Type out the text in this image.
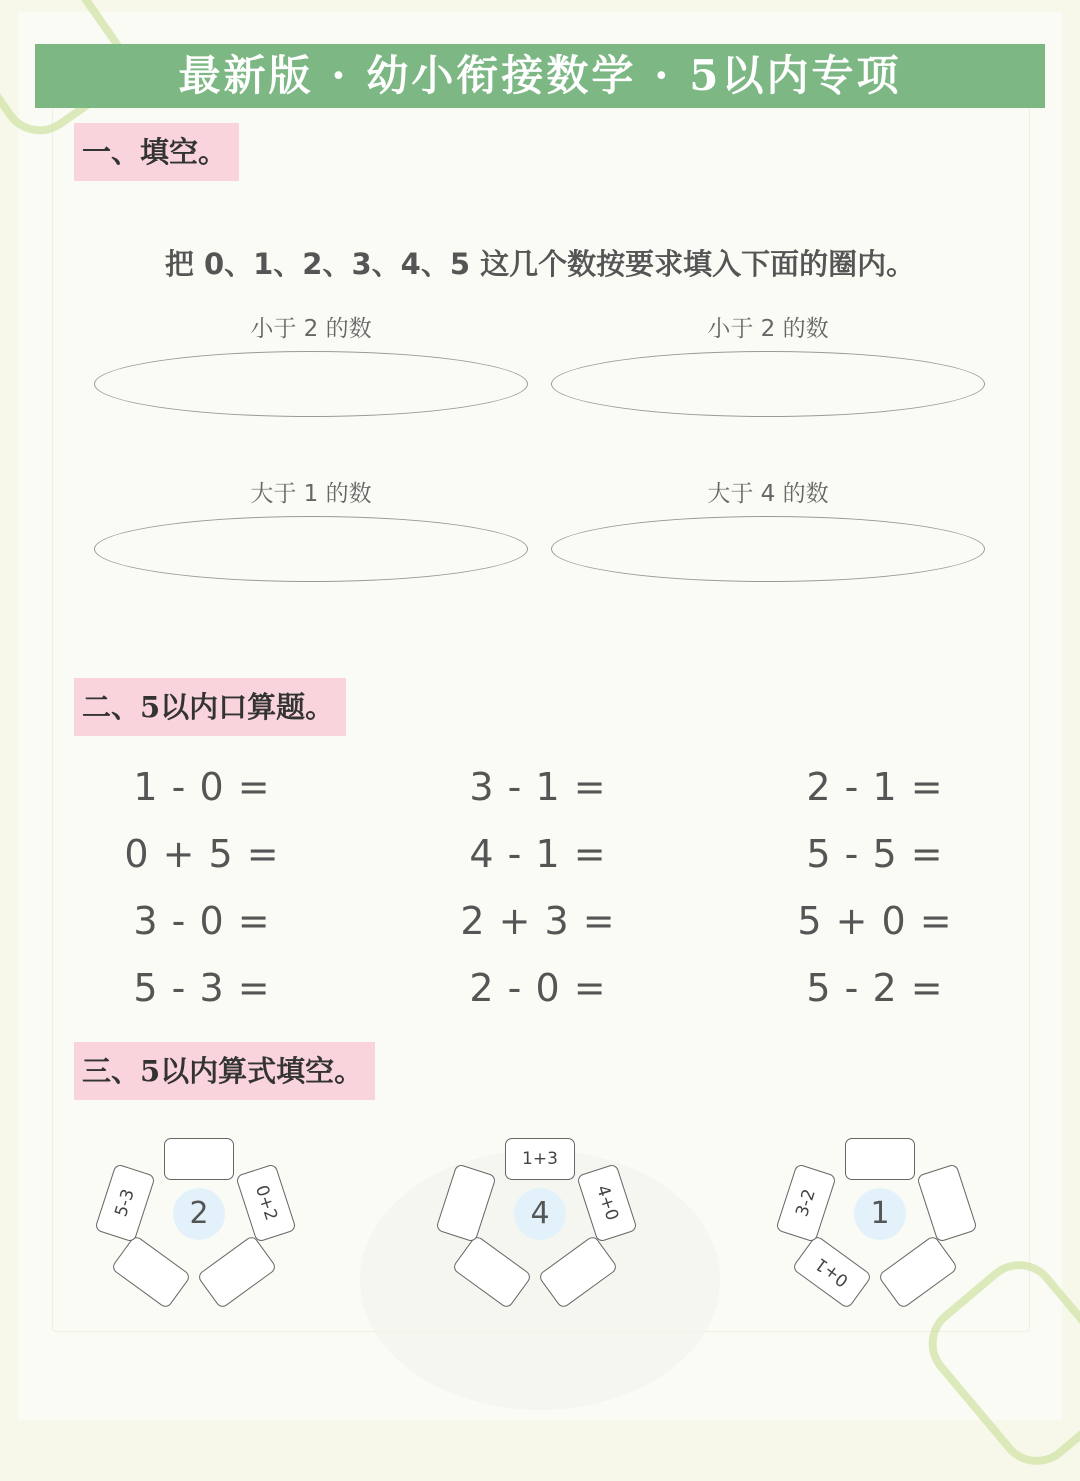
最新版 · 幼小衔接数学 · 5以内专项
一、填空。
把 0、1、2、3、4、5 这几个数按要求填入下面的圈内。
小于 2 的数	小于 2 的数
大于 1 的数	大于 4 的数
二、5以内口算题。
1 - 0 =
0 + 5 =
3 - 0 =
5 - 3 =
3 - 1 =
4 - 1 =
2 + 3 =
2 - 0 =
2 - 1 =
5 - 5 =
5 + 0 =
5 - 2 =
三、5以内算式填空。
2	0+2
5-3	4
1+3
4+0	1
0+1
3-2
